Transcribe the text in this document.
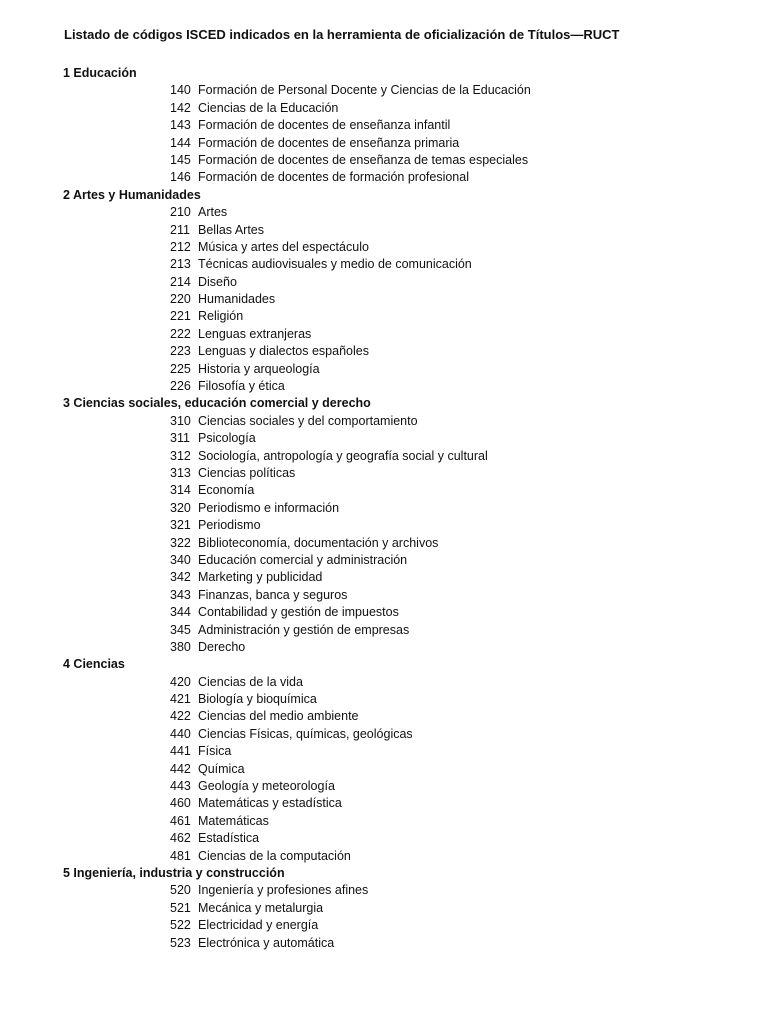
Listado de códigos ISCED indicados en la herramienta de oficialización de Títulos—RUCT
1 Educación
140 Formación de Personal Docente y Ciencias de la Educación
142 Ciencias de la Educación
143 Formación de docentes de enseñanza infantil
144 Formación de docentes de enseñanza primaria
145 Formación de docentes de enseñanza de temas especiales
146 Formación de docentes de formación profesional
2 Artes y Humanidades
210 Artes
211 Bellas Artes
212 Música y artes del espectáculo
213 Técnicas audiovisuales y medio de comunicación
214 Diseño
220 Humanidades
221 Religión
222 Lenguas extranjeras
223 Lenguas y dialectos españoles
225 Historia y arqueología
226 Filosofía y ética
3 Ciencias sociales, educación comercial y derecho
310 Ciencias sociales y del comportamiento
311 Psicología
312 Sociología, antropología y geografía social y cultural
313 Ciencias políticas
314 Economía
320 Periodismo e información
321 Periodismo
322 Biblioteconomía, documentación y archivos
340 Educación comercial y administración
342 Marketing y publicidad
343 Finanzas, banca y seguros
344 Contabilidad y gestión de impuestos
345 Administración y gestión de empresas
380 Derecho
4 Ciencias
420 Ciencias de la vida
421 Biología y bioquímica
422 Ciencias del medio ambiente
440 Ciencias Físicas, químicas, geológicas
441 Física
442 Química
443 Geología y meteorología
460 Matemáticas y estadística
461 Matemáticas
462 Estadística
481 Ciencias de la computación
5 Ingeniería, industria y construcción
520 Ingeniería y profesiones afines
521 Mecánica y metalurgia
522 Electricidad y energía
523 Electrónica y automática
